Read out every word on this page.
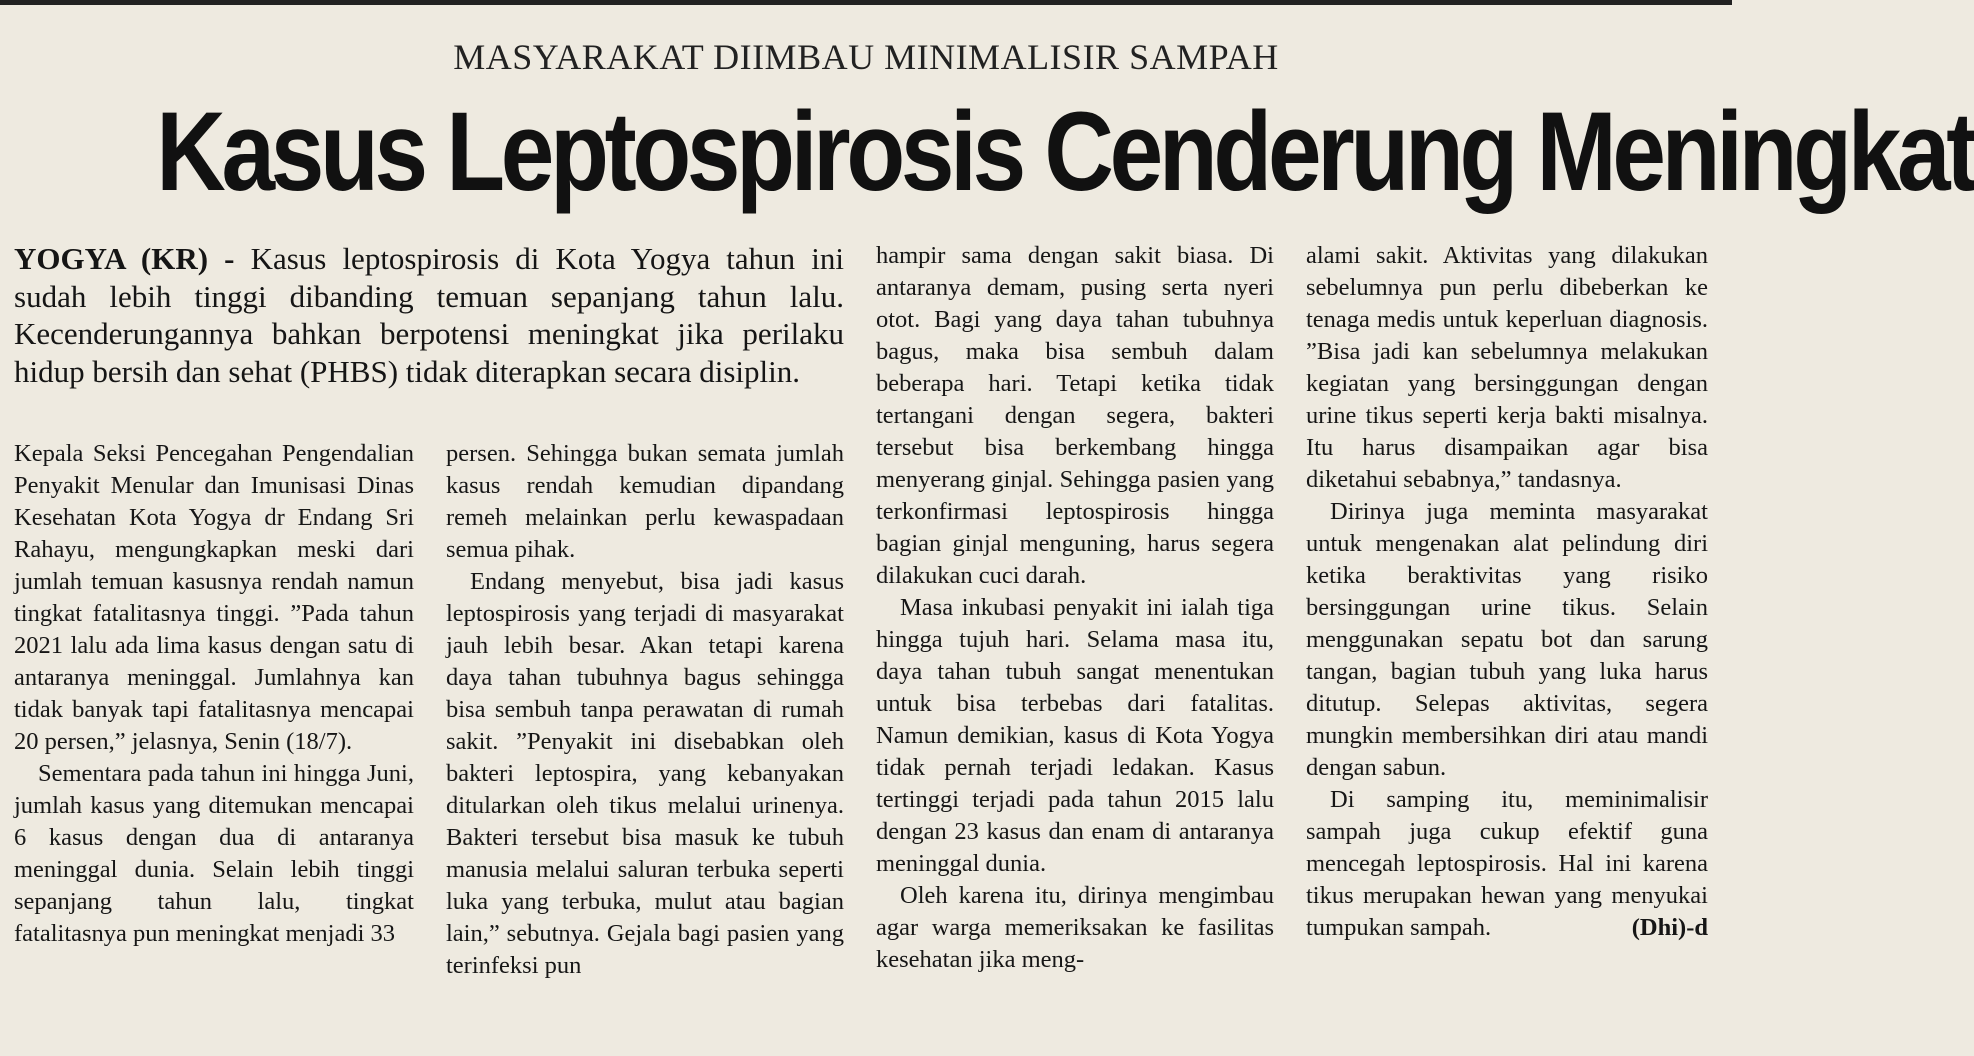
MASYARAKAT DIIMBAU MINIMALISIR SAMPAH
Kasus Leptospirosis Cenderung Meningkat
YOGYA (KR) - Kasus leptospirosis di Kota Yogya tahun ini sudah lebih tinggi dibanding temuan sepanjang tahun lalu. Kecenderungannya bahkan berpotensi meningkat jika perilaku hidup bersih dan sehat (PHBS) tidak diterapkan secara disiplin.

Kepala Seksi Pencegahan Pengendalian Penyakit Menular dan Imunisasi Dinas Kesehatan Kota Yogya dr Endang Sri Rahayu, mengungkapkan meski dari jumlah temuan kasusnya rendah namun tingkat fatalitasnya tinggi. ”Pada tahun 2021 lalu ada lima kasus dengan satu di antaranya meninggal. Jumlahnya kan tidak banyak tapi fatalitasnya mencapai 20 persen,” jelasnya, Senin (18/7).

Sementara pada tahun ini hingga Juni, jumlah kasus yang ditemukan mencapai 6 kasus dengan dua di antaranya meninggal dunia. Selain lebih tinggi sepanjang tahun lalu, tingkat fatalitasnya pun meningkat menjadi 33

persen. Sehingga bukan semata jumlah kasus rendah kemudian dipandang remeh melainkan perlu kewaspadaan semua pihak.

Endang menyebut, bisa jadi kasus leptospirosis yang terjadi di masyarakat jauh lebih besar. Akan tetapi karena daya tahan tubuhnya bagus sehingga bisa sembuh tanpa perawatan di rumah sakit. ”Penyakit ini disebabkan oleh bakteri leptospira, yang kebanyakan ditularkan oleh tikus melalui urinenya. Bakteri tersebut bisa masuk ke tubuh manusia melalui saluran terbuka seperti luka yang terbuka, mulut atau bagian lain,” sebutnya. Gejala bagi pasien yang terinfeksi pun

hampir sama dengan sakit biasa. Di antaranya demam, pusing serta nyeri otot. Bagi yang daya tahan tubuhnya bagus, maka bisa sembuh dalam beberapa hari. Tetapi ketika tidak tertangani dengan segera, bakteri tersebut bisa berkembang hingga menyerang ginjal. Sehingga pasien yang terkonfirmasi leptospirosis hingga bagian ginjal menguning, harus segera dilakukan cuci darah.

Masa inkubasi penyakit ini ialah tiga hingga tujuh hari. Selama masa itu, daya tahan tubuh sangat menentukan untuk bisa terbebas dari fatalitas. Namun demikian, kasus di Kota Yogya tidak pernah terjadi ledakan. Kasus tertinggi terjadi pada tahun 2015 lalu dengan 23 kasus dan enam di antaranya meninggal dunia.

Oleh karena itu, dirinya mengimbau agar warga memeriksakan ke fasilitas kesehatan jika meng-

alami sakit. Aktivitas yang dilakukan sebelumnya pun perlu dibeberkan ke tenaga medis untuk keperluan diagnosis. ”Bisa jadi kan sebelumnya melakukan kegiatan yang bersinggungan dengan urine tikus seperti kerja bakti misalnya. Itu harus disampaikan agar bisa diketahui sebabnya,” tandasnya.

Dirinya juga meminta masyarakat untuk mengenakan alat pelindung diri ketika beraktivitas yang risiko bersinggungan urine tikus. Selain menggunakan sepatu bot dan sarung tangan, bagian tubuh yang luka harus ditutup. Selepas aktivitas, segera mungkin membersihkan diri atau mandi dengan sabun.

Di samping itu, meminimalisir sampah juga cukup efektif guna mencegah leptospirosis. Hal ini karena tikus merupakan hewan yang menyukai tumpukan sampah.	(Dhi)-d
